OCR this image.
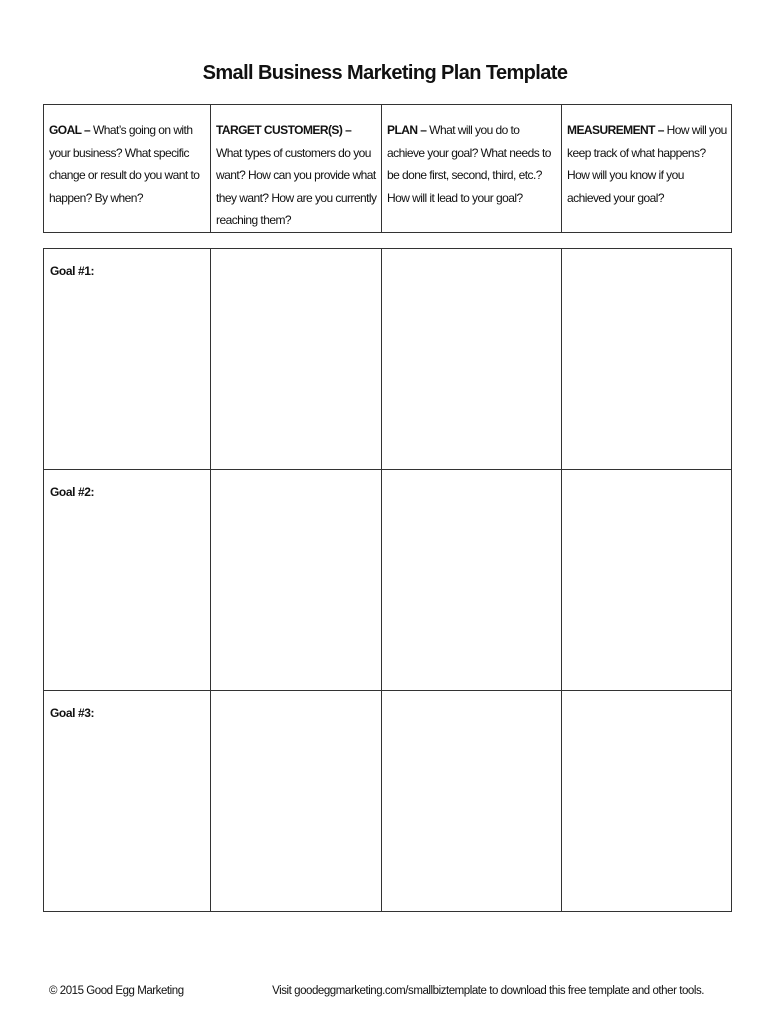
Small Business Marketing Plan Template
GOAL – What’s going on with your business? What specific change or result do you want to happen? By when?	TARGET CUSTOMER(S) – What types of customers do you want? How can you provide what they want? How are you currently reaching them?	PLAN – What will you do to achieve your goal? What needs to be done first, second, third, etc.? How will it lead to your goal?	MEASUREMENT – How will you keep track of what happens? How will you know if you achieved your goal?
Goal #1:			
Goal #2:			
Goal #3:			
© 2015 Good Egg Marketing	Visit goodeggmarketing.com/smallbiztemplate to download this free template and other tools.
